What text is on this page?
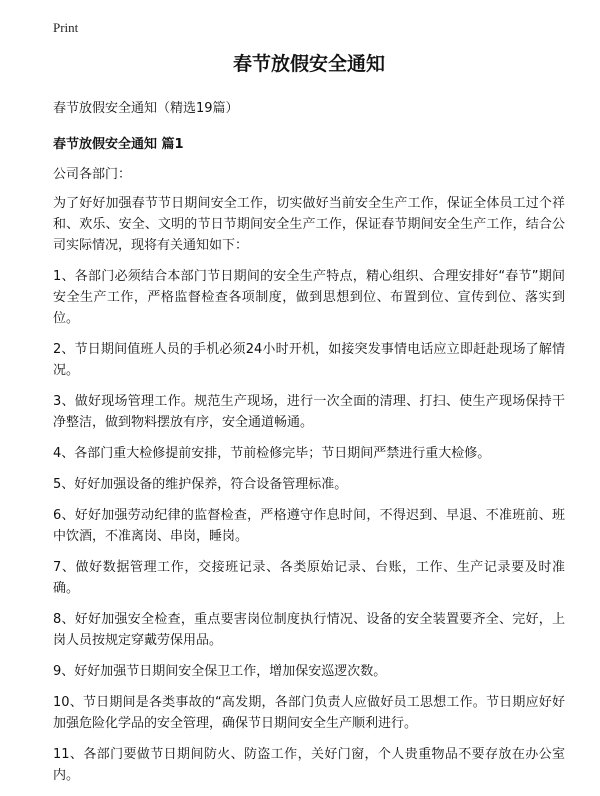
Print
春节放假安全通知
春节放假安全通知（精选19篇）
春节放假安全通知 篇1

公司各部门：

为了好好加强春节节日期间安全工作，切实做好当前安全生产工作，保证全体员工过个祥和、欢乐、安全、文明的节日节期间安全生产工作，保证春节期间安全生产工作，结合公司实际情况，现将有关通知如下：

1、各部门必须结合本部门节日期间的安全生产特点，精心组织、合理安排好“春节”期间安全生产工作，严格监督检查各项制度，做到思想到位、布置到位、宣传到位、落实到位。

2、节日期间值班人员的手机必须24小时开机，如接突发事情电话应立即赶赴现场了解情况。

3、做好现场管理工作。规范生产现场，进行一次全面的清理、打扫、使生产现场保持干净整洁，做到物料摆放有序，安全通道畅通。

4、各部门重大检修提前安排，节前检修完毕；节日期间严禁进行重大检修。

5、好好加强设备的维护保养，符合设备管理标准。

6、好好加强劳动纪律的监督检查，严格遵守作息时间，不得迟到、早退、不准班前、班中饮酒，不准离岗、串岗，睡岗。

7、做好数据管理工作，交接班记录、各类原始记录、台账，工作、生产记录要及时准确。

8、好好加强安全检查，重点要害岗位制度执行情况、设备的安全装置要齐全、完好，上岗人员按规定穿戴劳保用品。

9、好好加强节日期间安全保卫工作，增加保安巡逻次数。

10、节日期间是各类事故的“高发期，各部门负责人应做好员工思想工作。节日期应好好加强危险化学品的安全管理，确保节日期间安全生产顺利进行。

11、各部门要做节日期间防火、防盗工作，关好门窗，个人贵重物品不要存放在办公室内。
